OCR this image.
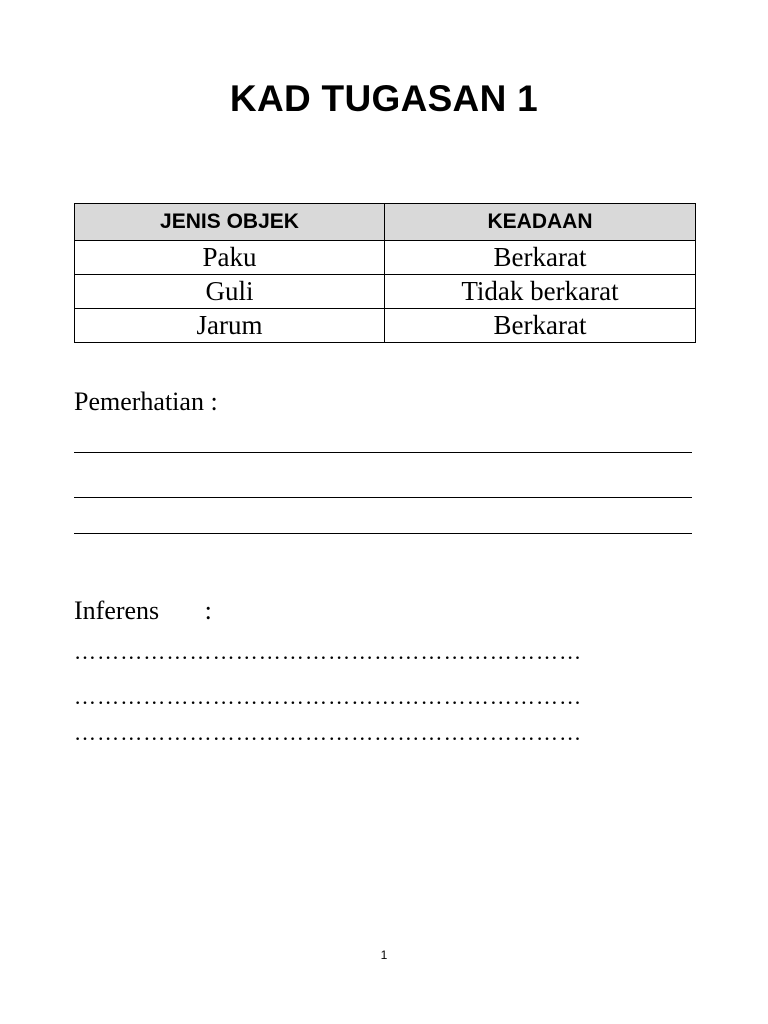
KAD TUGASAN 1
JENIS OBJEK	KEADAAN
Paku	Berkarat
Guli	Tidak berkarat
Jarum	Berkarat
Pemerhatian :
Inferens       :
…………………………………………………………
…………………………………………………………
…………………………………………………………
1
